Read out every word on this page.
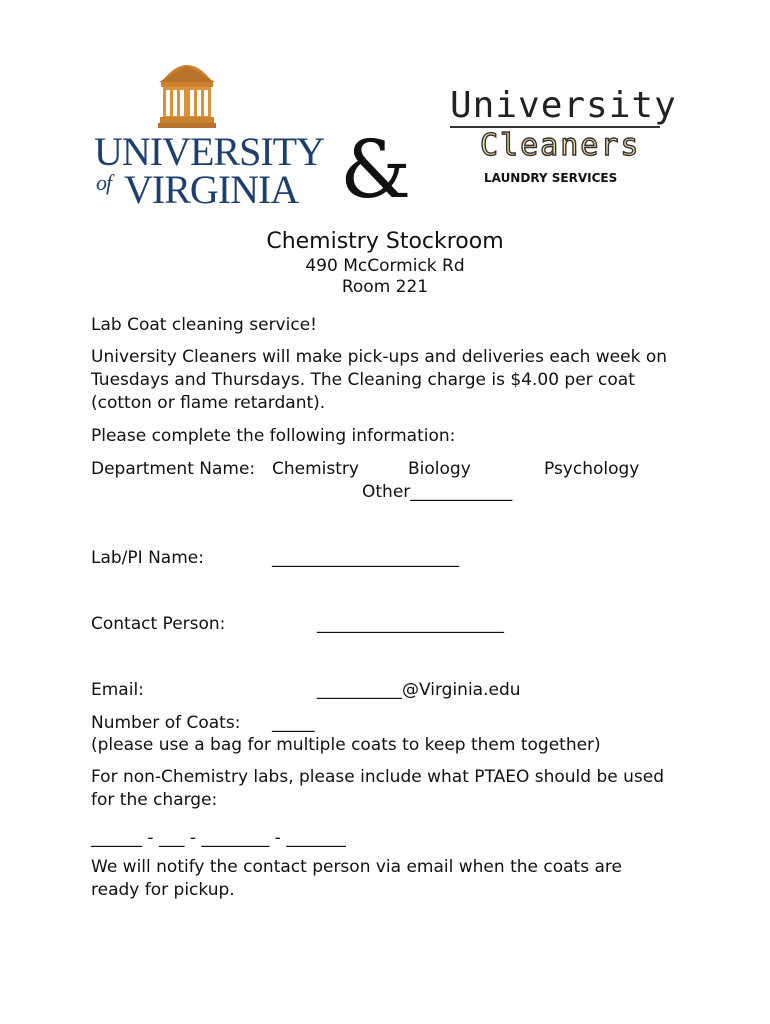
UNIVERSITY
of VIRGINIA &
University
Cleaners
LAUNDRY SERVICES
Chemistry Stockroom
490 McCormick Rd
Room 221
Lab Coat cleaning service!
University Cleaners will make pick-ups and deliveries each week on Tuesdays and Thursdays. The Cleaning charge is $4.00 per coat (cotton or flame retardant).
Please complete the following information:
Department Name: Chemistry	Biology	Psychology
Other____________
Lab/PI Name:	______________________
Contact Person:	______________________
Email:	__________@Virginia.edu
Number of Coats: _____
(please use a bag for multiple coats to keep them together)
For non-Chemistry labs, please include what PTAEO should be used for the charge:
______ - ___ - ________ - _______
We will notify the contact person via email when the coats are ready for pickup.
